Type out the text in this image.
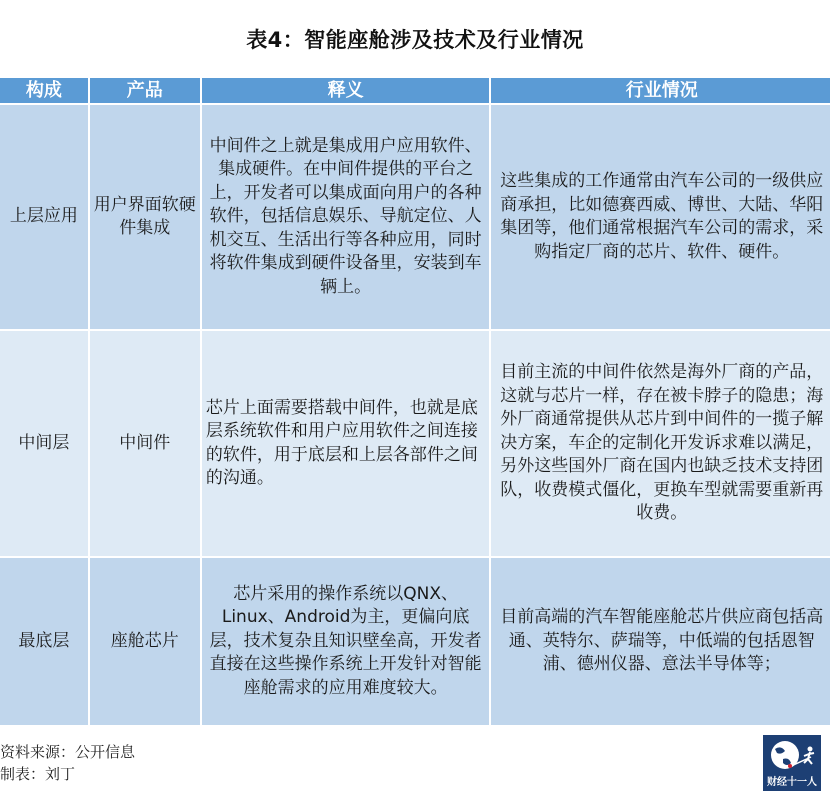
表4：智能座舱涉及技术及行业情况
构成	产品	释义	行业情况
上层应用	用户界面软硬件集成	中间件之上就是集成用户应用软件、集成硬件。在中间件提供的平台之上，开发者可以集成面向用户的各种软件，包括信息娱乐、导航定位、人机交互、生活出行等各种应用，同时将软件集成到硬件设备里，安装到车辆上。	这些集成的工作通常由汽车公司的一级供应商承担，比如德赛西威、博世、大陆、华阳集团等，他们通常根据汽车公司的需求，采购指定厂商的芯片、软件、硬件。
中间层	中间件	芯片上面需要搭载中间件，也就是底层系统软件和用户应用软件之间连接的软件，用于底层和上层各部件之间的沟通。	目前主流的中间件依然是海外厂商的产品，这就与芯片一样，存在被卡脖子的隐患；海外厂商通常提供从芯片到中间件的一揽子解决方案，车企的定制化开发诉求难以满足，另外这些国外厂商在国内也缺乏技术支持团队，收费模式僵化，更换车型就需要重新再收费。
最底层	座舱芯片	芯片采用的操作系统以QNX、Linux、Android为主，更偏向底层，技术复杂且知识壁垒高，开发者直接在这些操作系统上开发针对智能座舱需求的应用难度较大。	目前高端的汽车智能座舱芯片供应商包括高通、英特尔、萨瑞等，中低端的包括恩智浦、德州仪器、意法半导体等；
资料来源：公开信息
制表：刘丁	财经十一人
